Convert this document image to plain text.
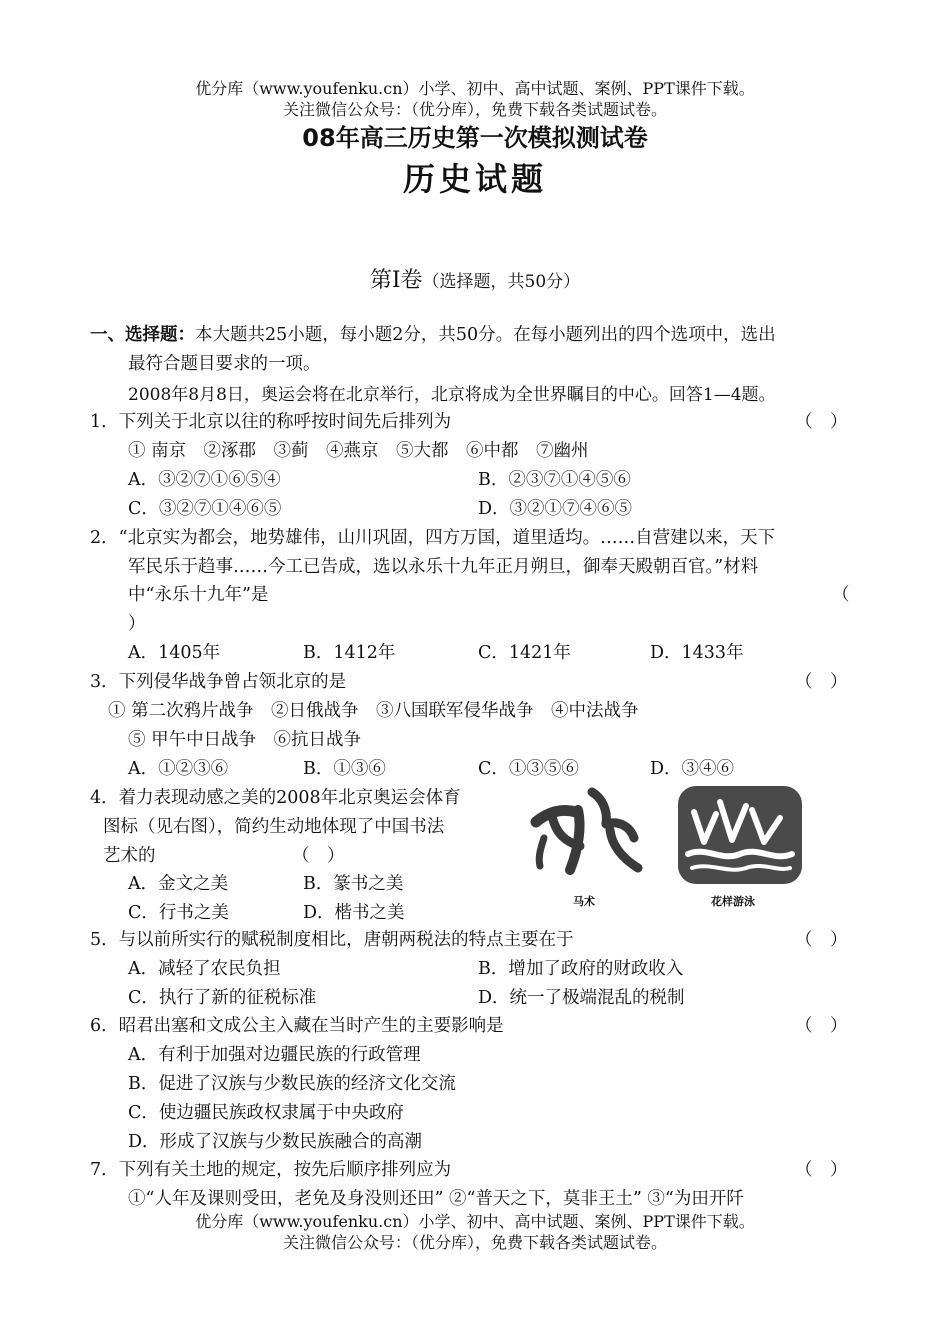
优分库（www.youfenku.cn）小学、初中、高中试题、案例、PPT课件下载。
关注微信公众号：（优分库），免费下载各类试题试卷。
08年高三历史第一次模拟测试卷
历史试题
第Ⅰ卷（选择题，共50分）
一、选择题：本大题共25小题，每小题2分，共50分。在每小题列出的四个选项中，选出
最符合题目要求的一项。
2008年8月8日，奥运会将在北京举行，北京将成为全世界瞩目的中心。回答1—4题。
1．下列关于北京以往的称呼按时间先后排列为	（　）
① 南京　②涿郡　③蓟　④燕京　⑤大都　⑥中都　⑦幽州
A．③②⑦①⑥⑤④	B．②③⑦①④⑤⑥
C．③②⑦①④⑥⑤	D．③②①⑦④⑥⑤
2．“北京实为都会，地势雄伟，山川巩固，四方万国，道里适均。……自营建以来，天下
军民乐于趋事……今工已告成，选以永乐十九年正月朔旦，御奉天殿朝百官。”材料
中“永乐十九年”是	（
）
A．1405年	B．1412年	C．1421年	D．1433年
3．下列侵华战争曾占领北京的是	（　）
① 第二次鸦片战争　②日俄战争　③八国联军侵华战争　④中法战争
⑤ 甲午中日战争　⑥抗日战争
A．①②③⑥	B．①③⑥	C．①③⑤⑥	D．③④⑥
4．着力表现动感之美的2008年北京奥运会体育
图标（见右图），简约生动地体现了中国书法
艺术的	（　）
A．金文之美	B．篆书之美
C．行书之美	D．楷书之美
马术	花样游泳
5．与以前所实行的赋税制度相比，唐朝两税法的特点主要在于	（　）
A．减轻了农民负担	B．增加了政府的财政收入
C．执行了新的征税标准	D．统一了极端混乱的税制
6．昭君出塞和文成公主入藏在当时产生的主要影响是	（　）
A．有利于加强对边疆民族的行政管理
B．促进了汉族与少数民族的经济文化交流
C．使边疆民族政权隶属于中央政府
D．形成了汉族与少数民族融合的高潮
7．下列有关土地的规定，按先后顺序排列应为	（　）
①“人年及课则受田，老免及身没则还田” ②“普天之下，莫非王土” ③“为田开阡
优分库（www.youfenku.cn）小学、初中、高中试题、案例、PPT课件下载。
关注微信公众号：（优分库），免费下载各类试题试卷。
